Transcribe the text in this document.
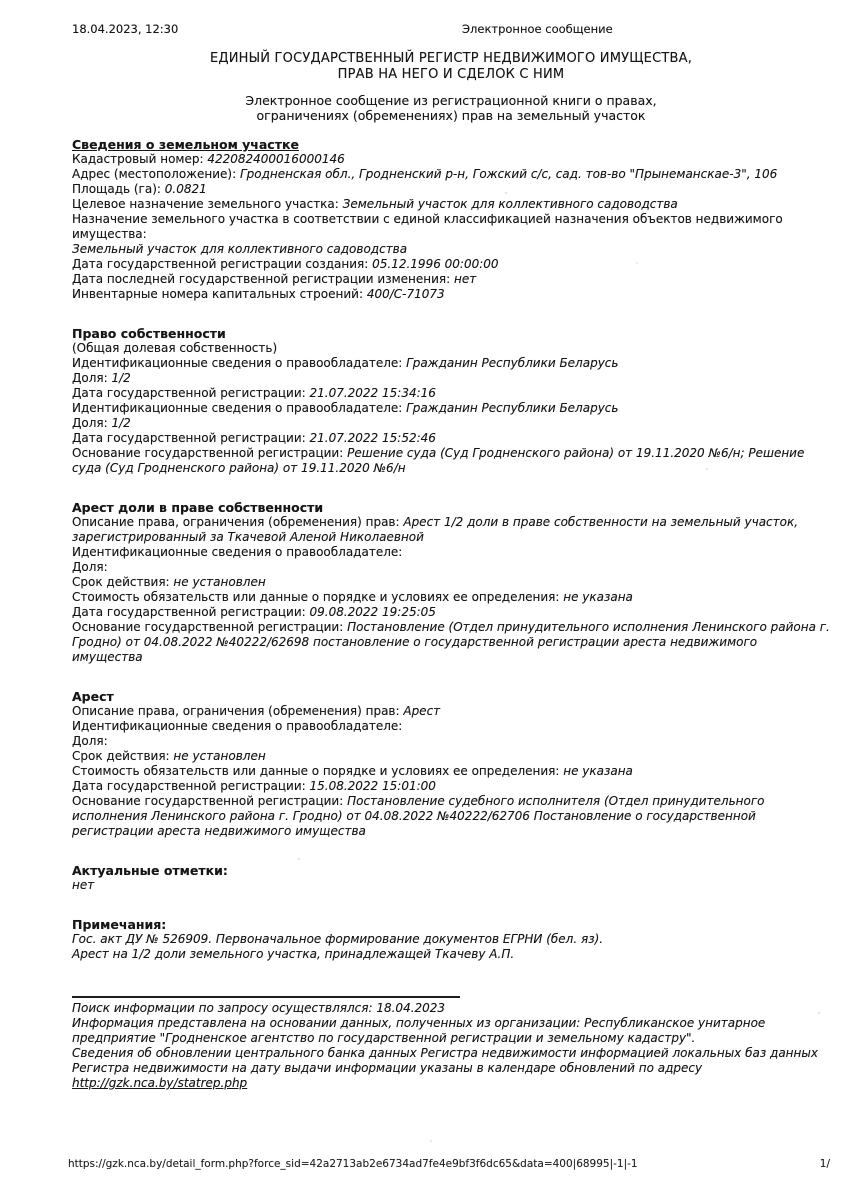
18.04.2023, 12:30	Электронное сообщение
ЕДИНЫЙ ГОСУДАРСТВЕННЫЙ РЕГИСТР НЕДВИЖИМОГО ИМУЩЕСТВА,
ПРАВ НА НЕГО И СДЕЛОК С НИМ
Электронное сообщение из регистрационной книги о правах,
ограничениях (обременениях) прав на земельный участок
Сведения о земельном участке
Кадастровый номер: 422082400016000146
Адрес (местоположение): Гродненская обл., Гродненский р-н, Гожский с/с, сад. тов-во "Прынеманскае-3", 106
Площадь (га): 0.0821
Целевое назначение земельного участка: Земельный участок для коллективного садоводства
Назначение земельного участка в соответствии с единой классификацией назначения объектов недвижимого имущества:
Земельный участок для коллективного садоводства
Дата государственной регистрации создания: 05.12.1996 00:00:00
Дата последней государственной регистрации изменения: нет
Инвентарные номера капитальных строений: 400/C-71073
Право собственности
(Общая долевая собственность)
Идентификационные сведения о правообладателе: Гражданин Республики Беларусь
Доля: 1/2
Дата государственной регистрации: 21.07.2022 15:34:16
Идентификационные сведения о правообладателе: Гражданин Республики Беларусь
Доля: 1/2
Дата государственной регистрации: 21.07.2022 15:52:46
Основание государственной регистрации: Решение суда (Суд Гродненского района) от 19.11.2020 №6/н; Решение суда (Суд Гродненского района) от 19.11.2020 №6/н
Арест доли в праве собственности
Описание права, ограничения (обременения) прав: Арест 1/2 доли в праве собственности на земельный участок, зарегистрированный за Ткачевой Аленой Николаевной
Идентификационные сведения о правообладателе:
Доля:
Срок действия: не установлен
Стоимость обязательств или данные о порядке и условиях ее определения: не указана
Дата государственной регистрации: 09.08.2022 19:25:05
Основание государственной регистрации: Постановление (Отдел принудительного исполнения Ленинского района г. Гродно) от 04.08.2022 №40222/62698 постановление о государственной регистрации ареста недвижимого имущества
Арест
Описание права, ограничения (обременения) прав: Арест
Идентификационные сведения о правообладателе:
Доля:
Срок действия: не установлен
Стоимость обязательств или данные о порядке и условиях ее определения: не указана
Дата государственной регистрации: 15.08.2022 15:01:00
Основание государственной регистрации: Постановление судебного исполнителя (Отдел принудительного исполнения Ленинского района г. Гродно) от 04.08.2022 №40222/62706 Постановление о государственной регистрации ареста недвижимого имущества
Актуальные отметки:
нет
Примечания:
Гос. акт ДУ № 526909. Первоначальное формирование документов ЕГРНИ (бел. яз).
Арест на 1/2 доли земельного участка, принадлежащей Ткачеву А.П.
Поиск информации по запросу осуществлялся: 18.04.2023
Информация представлена на основании данных, полученных из организации: Республиканское унитарное предприятие "Гродненское агентство по государственной регистрации и земельному кадастру".
Сведения об обновлении центрального банка данных Регистра недвижимости информацией локальных баз данных Регистра недвижимости на дату выдачи информации указаны в календаре обновлений по адресу
http://gzk.nca.by/statrep.php
https://gzk.nca.by/detail_form.php?force_sid=42a2713ab2e6734ad7fe4e9bf3f6dc65&data=400|68995|-1|-1	1/
